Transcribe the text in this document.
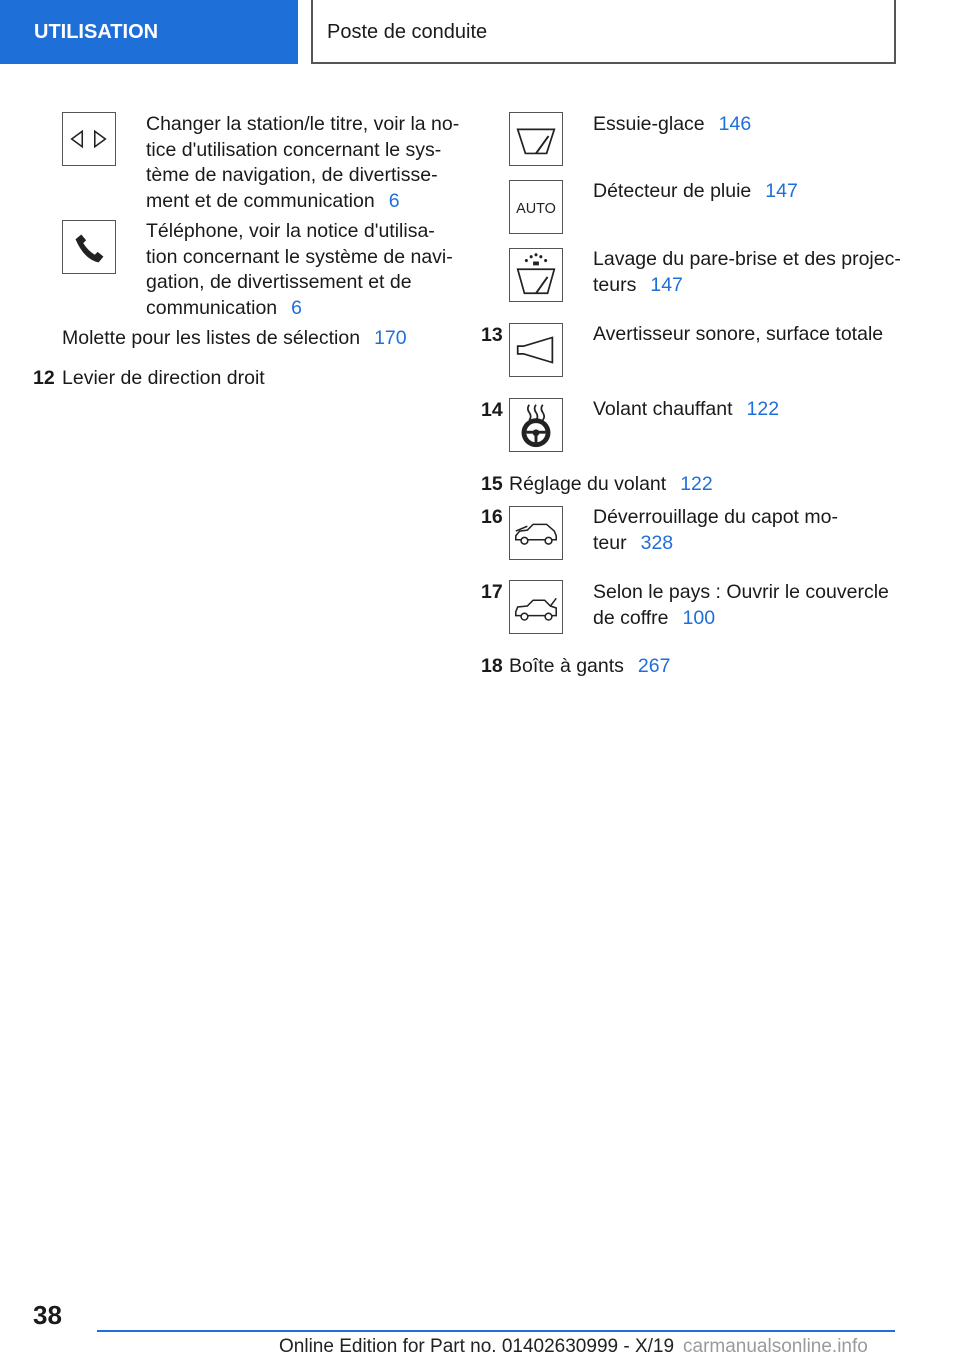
UTILISATION	Poste de conduite
Changer la station/le titre, voir la no-
tice d'utilisation concernant le sys-
tème de navigation, de divertisse-
ment et de communication 6
Téléphone, voir la notice d'utilisa-
tion concernant le système de navi-
gation, de divertissement et de
communication 6
Molette pour les listes de sélection 170
12 Levier de direction droit
Essuie-glace 146
AUTO
Détecteur de pluie 147
Lavage du pare-brise et des projec-
teurs 147
13	Avertisseur sonore, surface totale
14	Volant chauffant 122
15 Réglage du volant 122
16	Déverrouillage du capot mo-
teur 328
17	Selon le pays : Ouvrir le couvercle
de coffre 100
18 Boîte à gants 267
38
Online Edition for Part no. 01402630999 - X/19 carmanualsonline.info
